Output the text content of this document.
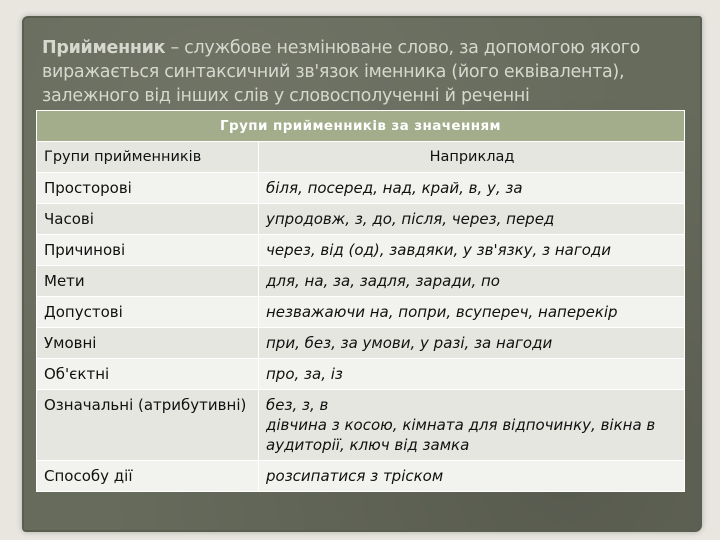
Прийменник – службове незмінюване слово, за допомогою якого виражається синтаксичний зв'язок іменника (його еквівалента), залежного від інших слів у словосполученні й реченні
Групи прийменників за значенням	
Групи прийменників	Наприклад
Просторові	біля, посеред, над, край, в, у, за
Часові	упродовж, з, до, після, через, перед
Причинові	через, від (од), завдяки, у зв'язку, з нагоди
Мети	для, на, за, задля, заради, по
Допустові	незважаючи на, попри, всупереч, наперекір
Умовні	при, без, за умови, у разі, за нагоди
Об'єктні	про, за, із
Означальні (атрибутивні)	без, з, в
дівчина з косою, кімната для відпочинку, вікна в аудиторії, ключ від замка

Способу дії	розсипатися з тріском
